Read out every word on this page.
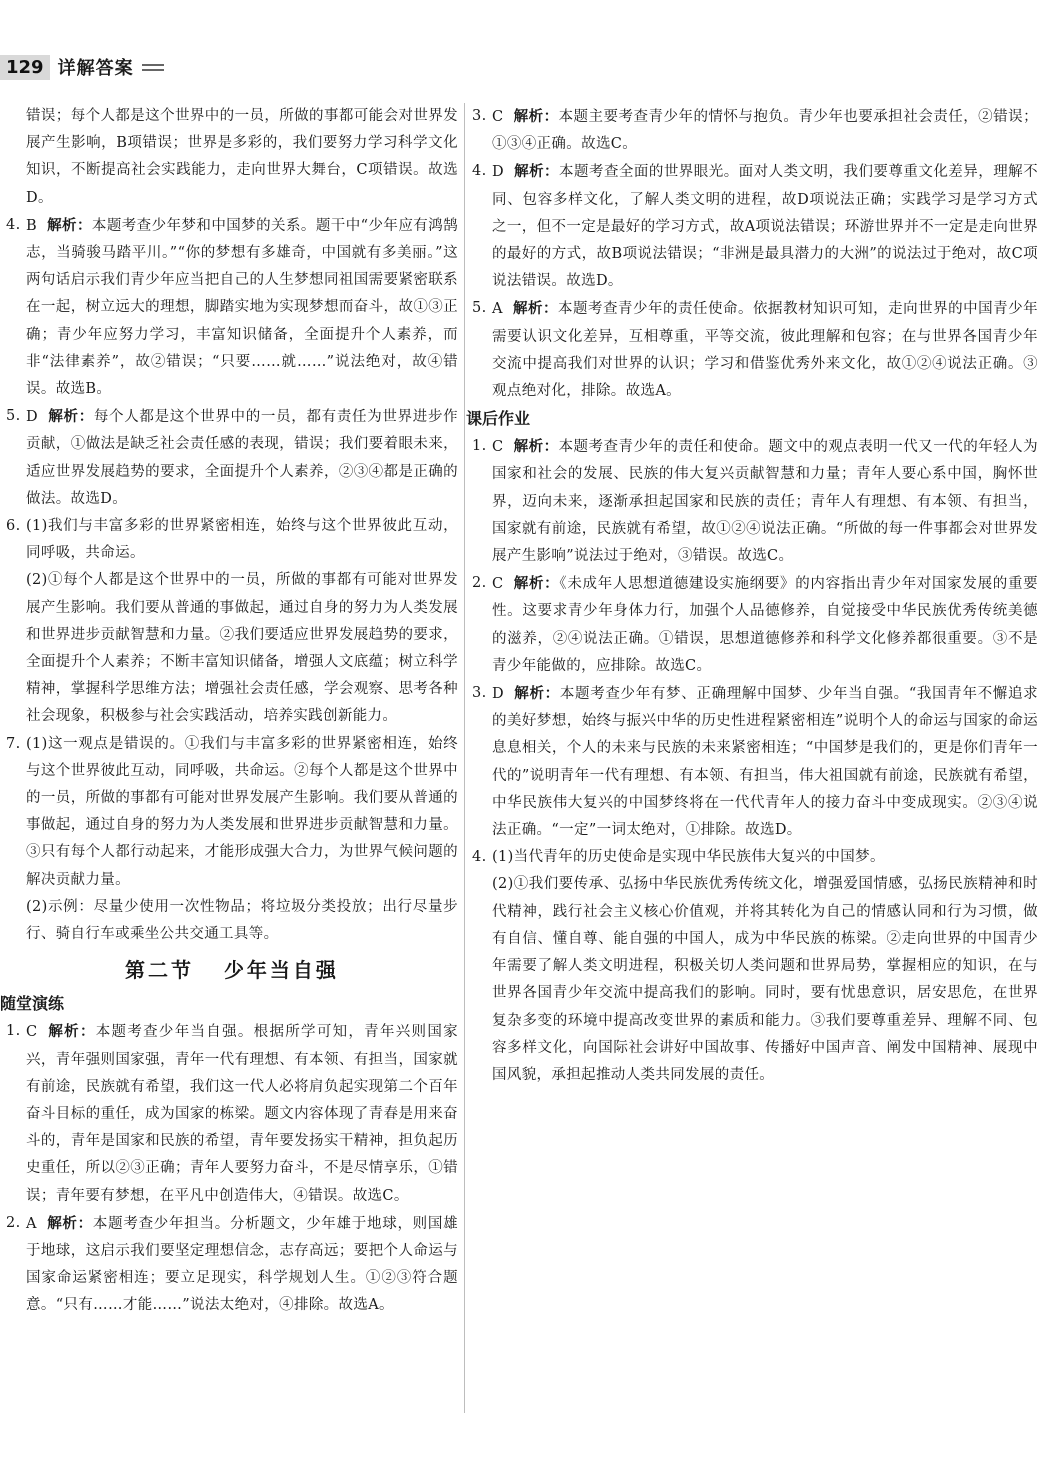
129 详解答案
错误；每个人都是这个世界中的一员，所做的事都可能会对世界发展产生影响，B项错误；世界是多彩的，我们要努力学习科学文化知识，不断提高社会实践能力，走向世界大舞台，C项错误。故选D。
4. B 解析：本题考查少年梦和中国梦的关系。题干中“少年应有鸿鹄志，当骑骏马踏平川。”“你的梦想有多雄奇，中国就有多美丽。”这两句话启示我们青少年应当把自己的人生梦想同祖国需要紧密联系在一起，树立远大的理想，脚踏实地为实现梦想而奋斗，故①③正确；青少年应努力学习，丰富知识储备，全面提升个人素养，而非“法律素养”，故②错误；“只要……就……”说法绝对，故④错误。故选B。
5. D 解析：每个人都是这个世界中的一员，都有责任为世界进步作贡献，①做法是缺乏社会责任感的表现，错误；我们要着眼未来，适应世界发展趋势的要求，全面提升个人素养，②③④都是正确的做法。故选D。
6. (1)我们与丰富多彩的世界紧密相连，始终与这个世界彼此互动，同呼吸，共命运。
(2)①每个人都是这个世界中的一员，所做的事都有可能对世界发展产生影响。我们要从普通的事做起，通过自身的努力为人类发展和世界进步贡献智慧和力量。②我们要适应世界发展趋势的要求，全面提升个人素养；不断丰富知识储备，增强人文底蕴；树立科学精神，掌握科学思维方法；增强社会责任感，学会观察、思考各种社会现象，积极参与社会实践活动，培养实践创新能力。
7. (1)这一观点是错误的。①我们与丰富多彩的世界紧密相连，始终与这个世界彼此互动，同呼吸，共命运。②每个人都是这个世界中的一员，所做的事都有可能对世界发展产生影响。我们要从普通的事做起，通过自身的努力为人类发展和世界进步贡献智慧和力量。③只有每个人都行动起来，才能形成强大合力，为世界气候问题的解决贡献力量。
(2)示例：尽量少使用一次性物品；将垃圾分类投放；出行尽量步行、骑自行车或乘坐公共交通工具等。
第二节 少年当自强
随堂演练
1. C 解析：本题考查少年当自强。根据所学可知，青年兴则国家兴，青年强则国家强，青年一代有理想、有本领、有担当，国家就有前途，民族就有希望，我们这一代人必将肩负起实现第二个百年奋斗目标的重任，成为国家的栋梁。题文内容体现了青春是用来奋斗的，青年是国家和民族的希望，青年要发扬实干精神，担负起历史重任，所以②③正确；青年人要努力奋斗，不是尽情享乐，①错误；青年要有梦想，在平凡中创造伟大，④错误。故选C。
2. A 解析：本题考查少年担当。分析题文，少年雄于地球，则国雄于地球，这启示我们要坚定理想信念，志存高远；要把个人命运与国家命运紧密相连；要立足现实，科学规划人生。①②③符合题意。“只有……才能……”说法太绝对，④排除。故选A。
3. C 解析：本题主要考查青少年的情怀与抱负。青少年也要承担社会责任，②错误；①③④正确。故选C。
4. D 解析：本题考查全面的世界眼光。面对人类文明，我们要尊重文化差异，理解不同、包容多样文化，了解人类文明的进程，故D项说法正确；实践学习是学习方式之一，但不一定是最好的学习方式，故A项说法错误；环游世界并不一定是走向世界的最好的方式，故B项说法错误；“非洲是最具潜力的大洲”的说法过于绝对，故C项说法错误。故选D。
5. A 解析：本题考查青少年的责任使命。依据教材知识可知，走向世界的中国青少年需要认识文化差异，互相尊重，平等交流，彼此理解和包容；在与世界各国青少年交流中提高我们对世界的认识；学习和借鉴优秀外来文化，故①②④说法正确。③观点绝对化，排除。故选A。
课后作业
1. C 解析：本题考查青少年的责任和使命。题文中的观点表明一代又一代的年轻人为国家和社会的发展、民族的伟大复兴贡献智慧和力量；青年人要心系中国，胸怀世界，迈向未来，逐渐承担起国家和民族的责任；青年人有理想、有本领、有担当，国家就有前途，民族就有希望，故①②④说法正确。“所做的每一件事都会对世界发展产生影响”说法过于绝对，③错误。故选C。
2. C 解析：《未成年人思想道德建设实施纲要》的内容指出青少年对国家发展的重要性。这要求青少年身体力行，加强个人品德修养，自觉接受中华民族优秀传统美德的滋养，②④说法正确。①错误，思想道德修养和科学文化修养都很重要。③不是青少年能做的，应排除。故选C。
3. D 解析：本题考查少年有梦、正确理解中国梦、少年当自强。“我国青年不懈追求的美好梦想，始终与振兴中华的历史性进程紧密相连”说明个人的命运与国家的命运息息相关，个人的未来与民族的未来紧密相连；“中国梦是我们的，更是你们青年一代的”说明青年一代有理想、有本领、有担当，伟大祖国就有前途，民族就有希望，中华民族伟大复兴的中国梦终将在一代代青年人的接力奋斗中变成现实。②③④说法正确。“一定”一词太绝对，①排除。故选D。
4. (1)当代青年的历史使命是实现中华民族伟大复兴的中国梦。
(2)①我们要传承、弘扬中华民族优秀传统文化，增强爱国情感，弘扬民族精神和时代精神，践行社会主义核心价值观，并将其转化为自己的情感认同和行为习惯，做有自信、懂自尊、能自强的中国人，成为中华民族的栋梁。②走向世界的中国青少年需要了解人类文明进程，积极关切人类问题和世界局势，掌握相应的知识，在与世界各国青少年交流中提高我们的影响。同时，要有忧患意识，居安思危，在世界复杂多变的环境中提高改变世界的素质和能力。③我们要尊重差异、理解不同、包容多样文化，向国际社会讲好中国故事、传播好中国声音、阐发中国精神、展现中国风貌，承担起推动人类共同发展的责任。
